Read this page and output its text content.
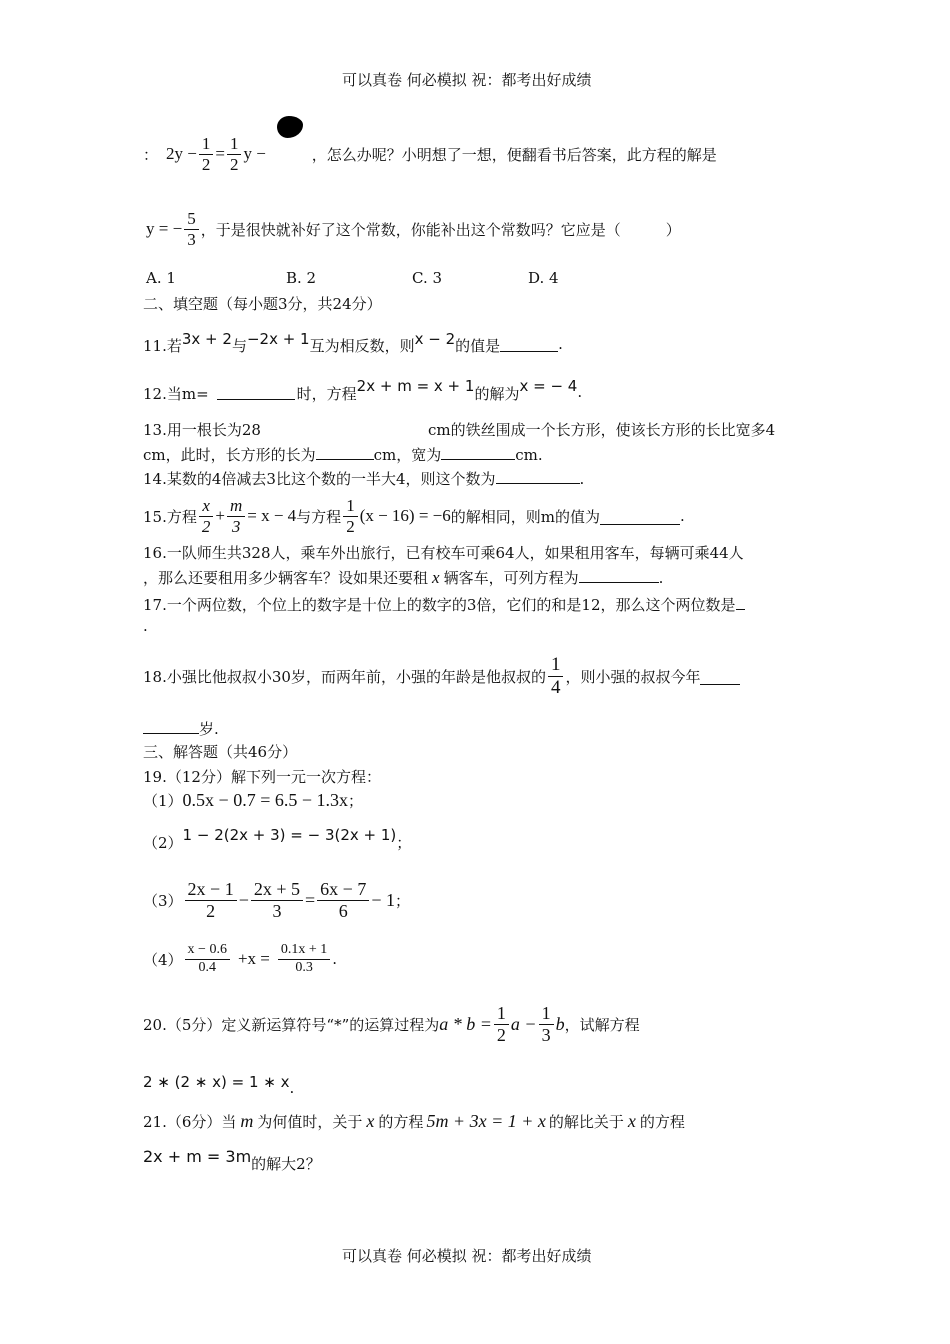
可以真卷 何必模拟 祝：都考出好成绩
： $2y - \frac{1}{2} = \frac{1}{2}$ y −	，怎么办呢？小明想了一想，便翻看书后答案，此方程的解是
y = − $\frac{5}{3}$ ，于是很快就补好了这个常数，你能补出这个常数吗？它应是（　　　）
A. 1	B. 2	C. 3	D. 4
二、填空题（每小题3分，共24分）
11.若 3x + 2 与 −2x + 1 互为相反数，则 x − 2 的值是	.
12.当m=	时，方程 2x + m = x + 1 的解为 x = − 4 .
13.用一根长为28	cm的铁丝围成一个长方形，使该长方形的长比宽多4
cm，此时，长方形的长为	cm，宽为	cm.
14.某数的4倍减去3比这个数的一半大4，则这个数为	.
15.方程 $\frac{x}{2} + \frac{m}{3} = x - 4$ 与方程 $\frac{1}{2} (x - 16) = -6$ 的解相同，则m的值为	.
16.一队师生共328人，乘车外出旅行，已有校车可乘64人，如果租用客车，每辆可乘44人
，那么还要租用多少辆客车？设如果还要租 x 辆客车，可列方程为	.
17.一个两位数，个位上的数字是十位上的数字的3倍，它们的和是12，那么这个两位数是
.
18.小强比他叔叔小30岁，而两年前，小强的年龄是他叔叔的 $\frac{1}{4}$ ，则小强的叔叔今年
岁.
三、解答题（共46分）
19.（12分）解下列一元一次方程：
（1） 0.5x − 0.7 = 6.5 − 1.3x ；
（2） 1 − 2(2x + 3) = − 3(2x + 1) ；
$(3) \frac{2x - 1}{2} - \frac{2x + 5}{3} = \frac{6x - 7}{6} - 1$ ；
$(4) \frac{x - 0.6}{0.4} +x = \frac{0.1x + 1}{0.3}$ .
20.（5分）定义新运算符号“*”的运算过程为 $a * b = \frac{1}{2}$ $a - \frac{1}{3}$ b ，试解方程
2 ∗ (2 ∗ x) = 1 ∗ x .
21.（6分）当 m 为何值时，关于 x 的方程 5m + 3x = 1 + x 的解比关于 x 的方程
2x + m = 3m 的解大2？
可以真卷 何必模拟 祝：都考出好成绩
